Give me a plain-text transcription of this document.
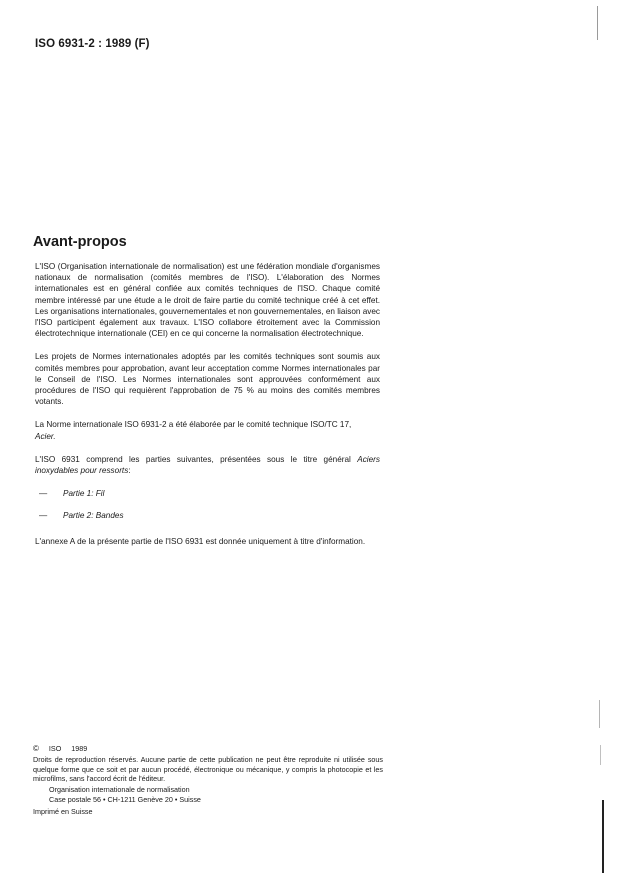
ISO 6931-2 : 1989 (F)
Avant-propos

L'ISO (Organisation internationale de normalisation) est une fédération mondiale d'organismes nationaux de normalisation (comités membres de l'ISO). L'élaboration des Normes internationales est en général confiée aux comités techniques de l'ISO. Chaque comité membre intéressé par une étude a le droit de faire partie du comité technique créé à cet effet. Les organisations internationales, gouvernementales et non gouvernementales, en liaison avec l'ISO participent également aux travaux. L'ISO collabore étroitement avec la Commission électrotechnique internationale (CEI) en ce qui concerne la normalisation électrotechnique.

Les projets de Normes internationales adoptés par les comités techniques sont soumis aux comités membres pour approbation, avant leur acceptation comme Normes internationales par le Conseil de l'ISO. Les Normes internationales sont approuvées conformément aux procédures de l'ISO qui requièrent l'approbation de 75 % au moins des comités membres votants.

La Norme internationale ISO 6931-2 a été élaborée par le comité technique ISO/TC 17,
Acier.

L'ISO 6931 comprend les parties suivantes, présentées sous le titre général Aciers inoxydables pour ressorts:

—	Partie 1: Fil
—	Partie 2: Bandes

L'annexe A de la présente partie de l'ISO 6931 est donnée uniquement à titre d'information.

© ISO 1989
Droits de reproduction réservés. Aucune partie de cette publication ne peut être reproduite ni utilisée sous quelque forme que ce soit et par aucun procédé, électronique ou mécanique, y compris la photocopie et les microfilms, sans l'accord écrit de l'éditeur.
Organisation internationale de normalisation
Case postale 56 • CH-1211 Genève 20 • Suisse
Imprimé en Suisse
